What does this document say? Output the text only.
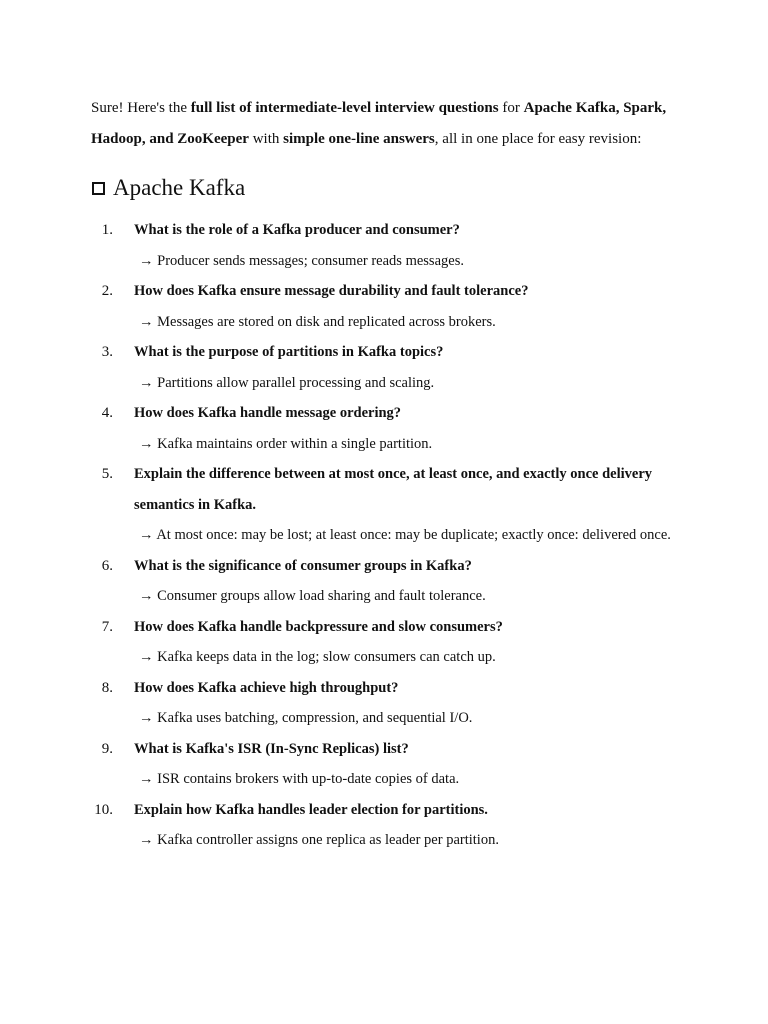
Sure! Here's the full list of intermediate-level interview questions for Apache Kafka, Spark, Hadoop, and ZooKeeper with simple one-line answers, all in one place for easy revision:

Apache Kafka
1. What is the role of a Kafka producer and consumer?

→ Producer sends messages; consumer reads messages.

2. How does Kafka ensure message durability and fault tolerance?

→ Messages are stored on disk and replicated across brokers.

3. What is the purpose of partitions in Kafka topics?

→ Partitions allow parallel processing and scaling.

4. How does Kafka handle message ordering?

→ Kafka maintains order within a single partition.

5. Explain the difference between at most once, at least once, and exactly once delivery semantics in Kafka.

→ At most once: may be lost; at least once: may be duplicate; exactly once: delivered once.

6. What is the significance of consumer groups in Kafka?

→ Consumer groups allow load sharing and fault tolerance.

7. How does Kafka handle backpressure and slow consumers?

→ Kafka keeps data in the log; slow consumers can catch up.

8. How does Kafka achieve high throughput?

→ Kafka uses batching, compression, and sequential I/O.

9. What is Kafka's ISR (In-Sync Replicas) list?

→ ISR contains brokers with up-to-date copies of data.

10. Explain how Kafka handles leader election for partitions.

→ Kafka controller assigns one replica as leader per partition.
